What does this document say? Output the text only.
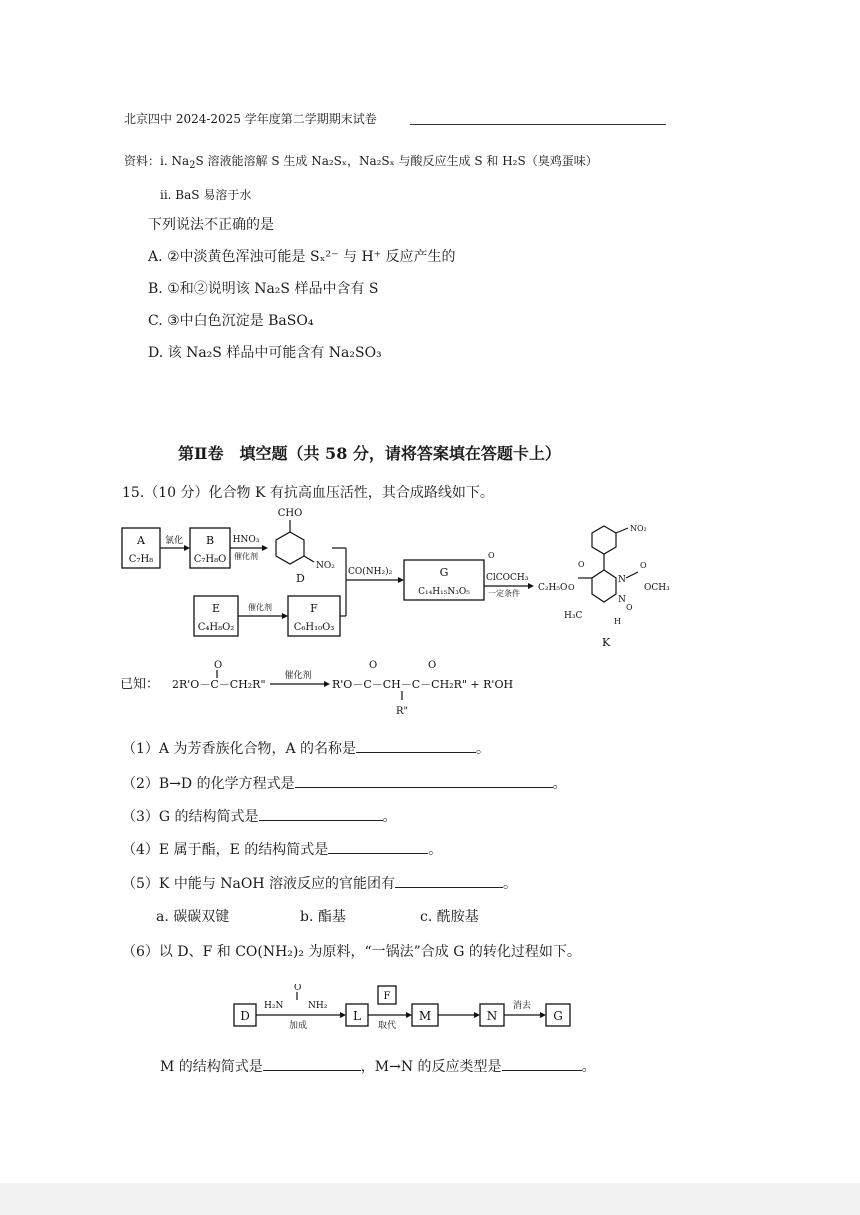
北京四中 2024-2025 学年度第二学期期末试卷
资料：i. $Na_2S$ 溶液能溶解 S 生成 Na₂Sₓ，Na₂Sₓ 与酸反应生成 S 和 H₂S（臭鸡蛋味）
ii. BaS 易溶于水
下列说法不正确的是
A. ②中淡黄色浑浊可能是 Sₓ²⁻ 与 H⁺ 反应产生的
B. ①和②说明该 Na₂S 样品中含有 S
C. ③中白色沉淀是 BaSO₄
D. 该 Na₂S 样品中可能含有 Na₂SO₃
第Ⅱ卷　填空题（共 58 分，请将答案填在答题卡上）
15.（10 分）化合物 K 有抗高血压活性，其合成路线如下。
A
C₇H₈
氯化 B
C₇H₈O
HNO₃
催化剂
CHO
NO₂
D
E
C₄H₈O₂
催化剂	F
C₆H₁₀O₃
CO(NH₂)₂	G
C₁₄H₁₅N₃O₅
O
ClCOCH₃
一定条件
NO₂
O
C₂H₅O O
N
N
O
OCH₃
O
H₃C
H
K
已知：
O
2R'O－C－CH₂R"
催化剂
O	O
R'O－C－CH－C－CH₂R" + R'OH
R"
（1）A 为芳香族化合物，A 的名称是	。
（2）B→D 的化学方程式是	。
（3）G 的结构简式是	。
（4）E 属于酯，E 的结构简式是	。
（5）K 中能与 NaOH 溶液反应的官能团有	。
a. 碳碳双键	b. 酯基	c. 酰胺基
（6）以 D、F 和 CO(NH₂)₂ 为原料，“一锅法”合成 G 的转化过程如下。
D
O
H₂N	NH₂
加成
L
F
取代
M	N
消去
G
M 的结构简式是	，M→N 的反应类型是	。
